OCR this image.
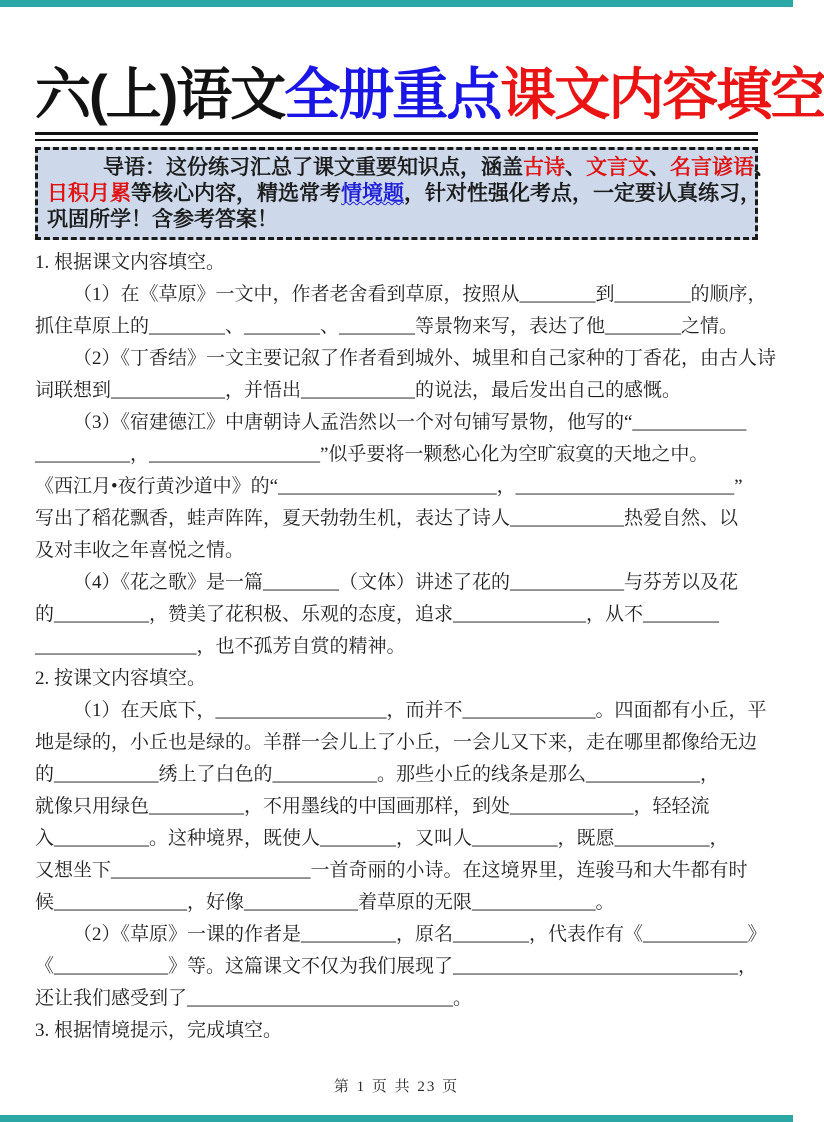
六(上)语文全册重点课文内容填空
导语：这份练习汇总了课文重要知识点，涵盖古诗、文言文、名言谚语、
日积月累等核心内容，精选常考情境题，针对性强化考点，一定要认真练习，
巩固所学！含参考答案！
1. 根据课文内容填空。
（1）在《草原》一文中，作者老舍看到草原，按照从________到________的顺序，
抓住草原上的________、________、________等景物来写，表达了他________之情。
（2）《丁香结》一文主要记叙了作者看到城外、城里和自己家种的丁香花，由古人诗
词联想到____________，并悟出____________的说法，最后发出自己的感慨。
（3）《宿建德江》中唐朝诗人孟浩然以一个对句铺写景物，他写的“____________
__________，__________________”似乎要将一颗愁心化为空旷寂寞的天地之中。
《西江月•夜行黄沙道中》的“_______________________，_______________________”
写出了稻花飘香，蛙声阵阵，夏天勃勃生机，表达了诗人____________热爱自然、以
及对丰收之年喜悦之情。
（4）《花之歌》是一篇________（文体）讲述了花的____________与芬芳以及花
的__________，赞美了花积极、乐观的态度，追求______________，从不________
_________________，也不孤芳自赏的精神。
2. 按课文内容填空。
（1）在天底下，__________________，而并不______________。四面都有小丘，平
地是绿的，小丘也是绿的。羊群一会儿上了小丘，一会儿又下来，走在哪里都像给无边
的___________绣上了白色的___________。那些小丘的线条是那么____________，
就像只用绿色__________，不用墨线的中国画那样，到处_____________，轻轻流
入__________。这种境界，既使人________，又叫人_________，既愿__________，
又想坐下_____________________一首奇丽的小诗。在这境界里，连骏马和大牛都有时
候______________，好像____________着草原的无限_____________。
（2）《草原》一课的作者是__________，原名________，代表作有《___________》
《____________》等。这篇课文不仅为我们展现了______________________________，
还让我们感受到了____________________________。
3. 根据情境提示，完成填空。
第 1 页 共 23 页
